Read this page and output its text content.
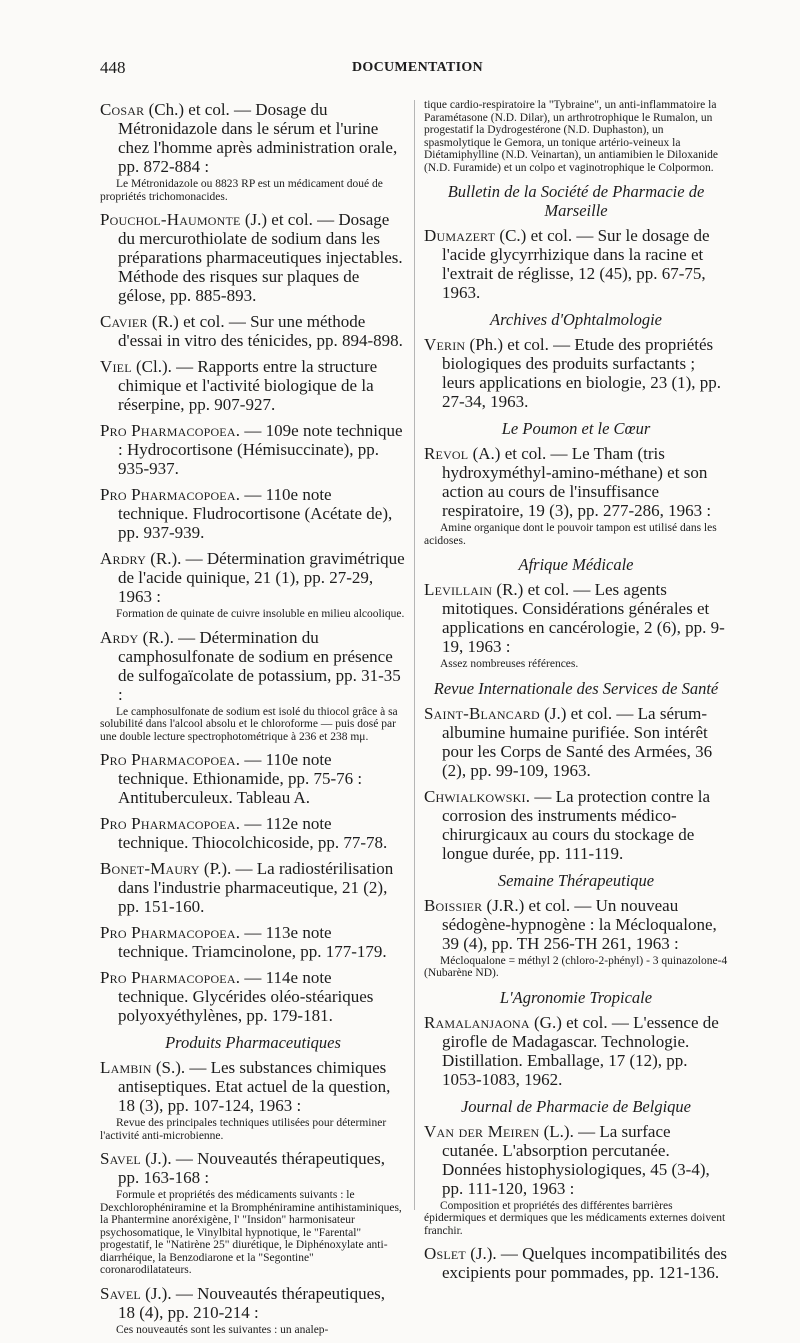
448	DOCUMENTATION

Cosar (Ch.) et col. — Dosage du Métronidazole dans le sérum et l'urine chez l'homme après administration orale, pp. 872-884 :

Le Métronidazole ou 8823 RP est un médicament doué de propriétés trichomonacides.

Pouchol-Haumonte (J.) et col. — Dosage du mercurothiolate de sodium dans les préparations pharmaceutiques injectables. Méthode des risques sur plaques de gélose, pp. 885-893.

Cavier (R.) et col. — Sur une méthode d'essai in vitro des ténicides, pp. 894-898.

Viel (Cl.). — Rapports entre la structure chimique et l'activité biologique de la réserpine, pp. 907-927.

Pro Pharmacopoea. — 109e note technique : Hydrocortisone (Hémisuccinate), pp. 935-937.

Pro Pharmacopoea. — 110e note technique. Fludrocortisone (Acétate de), pp. 937-939.

Ardry (R.). — Détermination gravimétrique de l'acide quinique, 21 (1), pp. 27-29, 1963 :

Formation de quinate de cuivre insoluble en milieu alcoolique.

Ardy (R.). — Détermination du camphosulfonate de sodium en présence de sulfogaïcolate de potassium, pp. 31-35 :

Le camphosulfonate de sodium est isolé du thiocol grâce à sa solubilité dans l'alcool absolu et le chloroforme — puis dosé par une double lecture spectrophotométrique à 236 et 238 mμ.

Pro Pharmacopoea. — 110e note technique. Ethionamide, pp. 75-76 : Antituberculeux. Tableau A.

Pro Pharmacopoea. — 112e note technique. Thiocolchicoside, pp. 77-78.

Bonet-Maury (P.). — La radiostérilisation dans l'industrie pharmaceutique, 21 (2), pp. 151-160.

Pro Pharmacopoea. — 113e note technique. Triamcinolone, pp. 177-179.

Pro Pharmacopoea. — 114e note technique. Glycérides oléo-stéariques polyoxyéthylènes, pp. 179-181.

Produits Pharmaceutiques

Lambin (S.). — Les substances chimiques antiseptiques. Etat actuel de la question, 18 (3), pp. 107-124, 1963 :

Revue des principales techniques utilisées pour déterminer l'activité anti-microbienne.

Savel (J.). — Nouveautés thérapeutiques, pp. 163-168 :

Formule et propriétés des médicaments suivants : le Dexchlorophéniramine et la Bromphéniramine antihistaminiques, la Phantermine anoréxigène, l' "Insidon" harmonisateur psychosomatique, le Vinylbital hypnotique, le "Farental" progestatif, le "Natirène 25" diurétique, le Diphénoxylate anti-diarrhéique, la Benzodiarone et la "Segontine" coronarodilatateurs.

Savel (J.). — Nouveautés thérapeutiques, 18 (4), pp. 210-214 :

Ces nouveautés sont les suivantes : un analep-

tique cardio-respiratoire la "Tybraine", un anti-inflammatoire la Paramétasone (N.D. Dilar), un arthrotrophique le Rumalon, un progestatif la Dydrogestérone (N.D. Duphaston), un spasmolytique le Gemora, un tonique artério-veineux la Diétamiphylline (N.D. Veinartan), un antiamibien le Diloxanide (N.D. Furamide) et un colpo et vaginotrophique le Colpormon.

Bulletin de la Société de Pharmacie de Marseille

Dumazert (C.) et col. — Sur le dosage de l'acide glycyrrhizique dans la racine et l'extrait de réglisse, 12 (45), pp. 67-75, 1963.

Archives d'Ophtalmologie

Verin (Ph.) et col. — Etude des propriétés biologiques des produits surfactants ; leurs applications en biologie, 23 (1), pp. 27-34, 1963.

Le Poumon et le Cœur

Revol (A.) et col. — Le Tham (tris hydroxyméthyl-amino-méthane) et son action au cours de l'insuffisance respiratoire, 19 (3), pp. 277-286, 1963 :

Amine organique dont le pouvoir tampon est utilisé dans les acidoses.

Afrique Médicale

Levillain (R.) et col. — Les agents mitotiques. Considérations générales et applications en cancérologie, 2 (6), pp. 9-19, 1963 :

Assez nombreuses références.

Revue Internationale des Services de Santé

Saint-Blancard (J.) et col. — La sérum-albumine humaine purifiée. Son intérêt pour les Corps de Santé des Armées, 36 (2), pp. 99-109, 1963.

Chwialkowski. — La protection contre la corrosion des instruments médico-chirurgicaux au cours du stockage de longue durée, pp. 111-119.

Semaine Thérapeutique

Boissier (J.R.) et col. — Un nouveau sédogène-hypnogène : la Mécloqualone, 39 (4), pp. TH 256-TH 261, 1963 :

Mécloqualone = méthyl 2 (chloro-2-phényl) - 3 quinazolone-4 (Nubarène ND).

L'Agronomie Tropicale

Ramalanjaona (G.) et col. — L'essence de girofle de Madagascar. Technologie. Distillation. Emballage, 17 (12), pp. 1053-1083, 1962.

Journal de Pharmacie de Belgique

Van der Meiren (L.). — La surface cutanée. L'absorption percutanée. Données histophysiologiques, 45 (3-4), pp. 111-120, 1963 :

Composition et propriétés des différentes barrières épidermiques et dermiques que les médicaments externes doivent franchir.

Oslet (J.). — Quelques incompatibilités des excipients pour pommades, pp. 121-136.
